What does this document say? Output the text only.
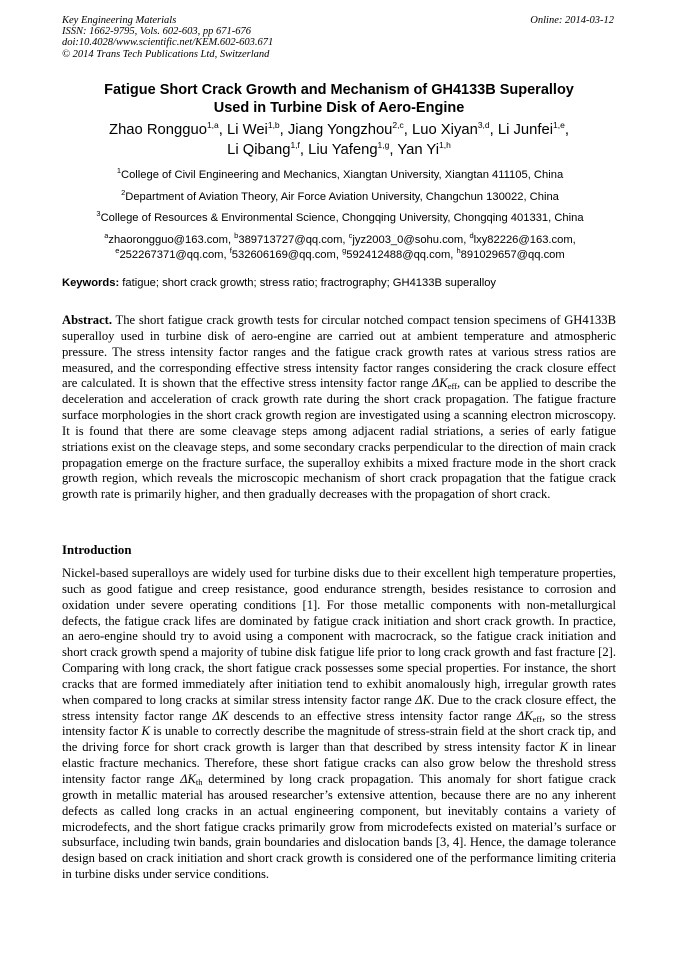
Key Engineering Materials
ISSN: 1662-9795, Vols. 602-603, pp 671-676
doi:10.4028/www.scientific.net/KEM.602-603.671
© 2014 Trans Tech Publications Ltd, Switzerland
Online: 2014-03-12
Fatigue Short Crack Growth and Mechanism of GH4133B Superalloy
Used in Turbine Disk of Aero-Engine
Zhao Rongguo$^{1,a}$, Li Wei$^{1,b}$, Jiang Yongzhou$^{2,c}$, Luo Xiyan$^{3,d}$, Li Junfei$^{1,e}$,
Li Qibang$^{1,f}$, Liu Yafeng$^{1,g}$, Yan Yi$^{1,h}$
$^1$College of Civil Engineering and Mechanics, Xiangtan University, Xiangtan 411105, China
$^2$Department of Aviation Theory, Air Force Aviation University, Changchun 130022, China
$^3$College of Resources & Environmental Science, Chongqing University, Chongqing 401331, China
$^a$zhaorongguo@163.com, $^b$389713727@qq.com, $^c$jyz2003_0@sohu.com, $^d$lxy82226@163.com,
$^e$252267371@qq.com, $^f$532606169@qq.com, $^g$592412488@qq.com, $^h$891029657@qq.com
Keywords: fatigue; short crack growth; stress ratio; fractrography; GH4133B superalloy
Abstract. The short fatigue crack growth tests for circular notched compact tension specimens of GH4133B superalloy used in turbine disk of aero-engine are carried out at ambient temperature and atmospheric pressure. The stress intensity factor ranges and the fatigue crack growth rates at various stress ratios are measured, and the corresponding effective stress intensity factor ranges considering the crack closure effect are calculated. It is shown that the effective stress intensity factor range $\Delta K_{eff}$, can be applied to describe the deceleration and acceleration of crack growth rate during the short crack propagation. The fatigue fracture surface morphologies in the short crack growth region are investigated using a scanning electron microscopy. It is found that there are some cleavage steps among adjacent radial striations, a series of early fatigue striations exist on the cleavage steps, and some secondary cracks perpendicular to the direction of main crack propagation emerge on the fracture surface, the superalloy exhibits a mixed fracture mode in the short crack growth region, which reveals the microscopic mechanism of short crack propagation that the fatigue crack growth rate is primarily higher, and then gradually decreases with the propagation of short crack.
Introduction
Nickel-based superalloys are widely used for turbine disks due to their excellent high temperature properties, such as good fatigue and creep resistance, good endurance strength, besides resistance to corrosion and oxidation under severe operating conditions [1]. For those metallic components with non-metallurgical defects, the fatigue crack lifes are dominated by fatigue crack initiation and short crack growth. In practice, an aero-engine should try to avoid using a component with macrocrack, so the fatigue crack initiation and short crack growth spend a majority of tubine disk fatigue life prior to long crack growth and fast fracture [2]. Comparing with long crack, the short fatigue crack possesses some special properties. For instance, the short cracks that are formed immediately after initiation tend to exhibit anomalously high, irregular growth rates when compared to long cracks at similar stress intensity factor range ΔK. Due to the crack closure effect, the stress intensity factor range ΔK descends to an effective stress intensity factor range $\Delta K_{eff}$, so the stress intensity factor K is unable to correctly describe the magnitude of stress-strain field at the short crack tip, and the driving force for short crack growth is larger than that described by stress intensity factor K in linear elastic fracture mechanics. Therefore, these short fatigue cracks can also grow below the threshold stress intensity factor range $\Delta K_{th}$ determined by long crack propagation. This anomaly for short fatigue crack growth in metallic material has aroused researcher’s extensive attention, because there are no any inherent defects as called long cracks in an actual engineering component, but inevitably contains a variety of microdefects, and the short fatigue cracks primarily grow from microdefects existed on material’s surface or subsurface, including twin bands, grain boundaries and dislocation bands [3, 4]. Hence, the damage tolerance design based on crack initiation and short crack growth is considered one of the performance limiting criteria in turbine disks under service conditions.
